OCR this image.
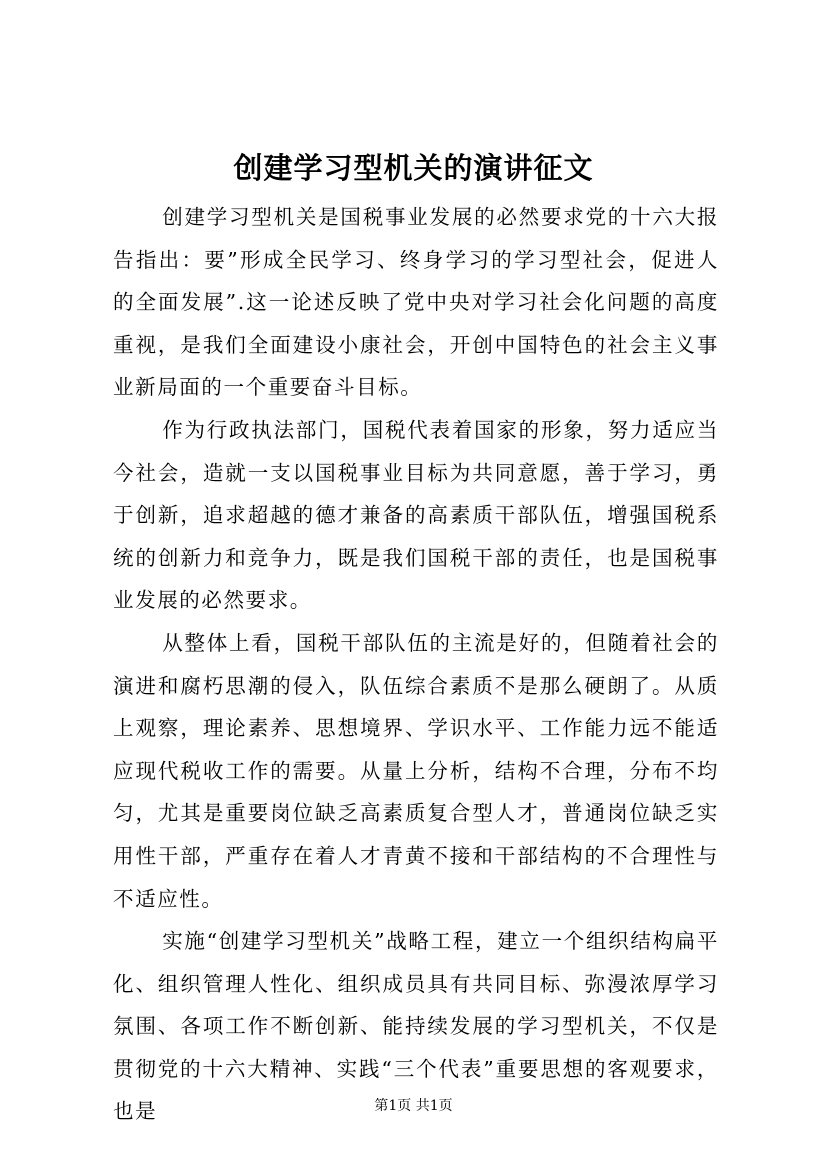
创建学习型机关的演讲征文

创建学习型机关是国税事业发展的必然要求党的十六大报告指出：要”形成全民学习、终身学习的学习型社会，促进人的全面发展”.这一论述反映了党中央对学习社会化问题的高度重视，是我们全面建设小康社会，开创中国特色的社会主义事业新局面的一个重要奋斗目标。

作为行政执法部门，国税代表着国家的形象，努力适应当今社会，造就一支以国税事业目标为共同意愿，善于学习，勇于创新，追求超越的德才兼备的高素质干部队伍，增强国税系统的创新力和竞争力，既是我们国税干部的责任，也是国税事业发展的必然要求。

从整体上看，国税干部队伍的主流是好的，但随着社会的演进和腐朽思潮的侵入，队伍综合素质不是那么硬朗了。从质上观察，理论素养、思想境界、学识水平、工作能力远不能适应现代税收工作的需要。从量上分析，结构不合理，分布不均匀，尤其是重要岗位缺乏高素质复合型人才，普通岗位缺乏实用性干部，严重存在着人才青黄不接和干部结构的不合理性与不适应性。

实施“创建学习型机关”战略工程，建立一个组织结构扁平化、组织管理人性化、组织成员具有共同目标、弥漫浓厚学习氛围、各项工作不断创新、能持续发展的学习型机关，不仅是贯彻党的十六大精神、实践“三个代表”重要思想的客观要求，也是	第1页 共1页
